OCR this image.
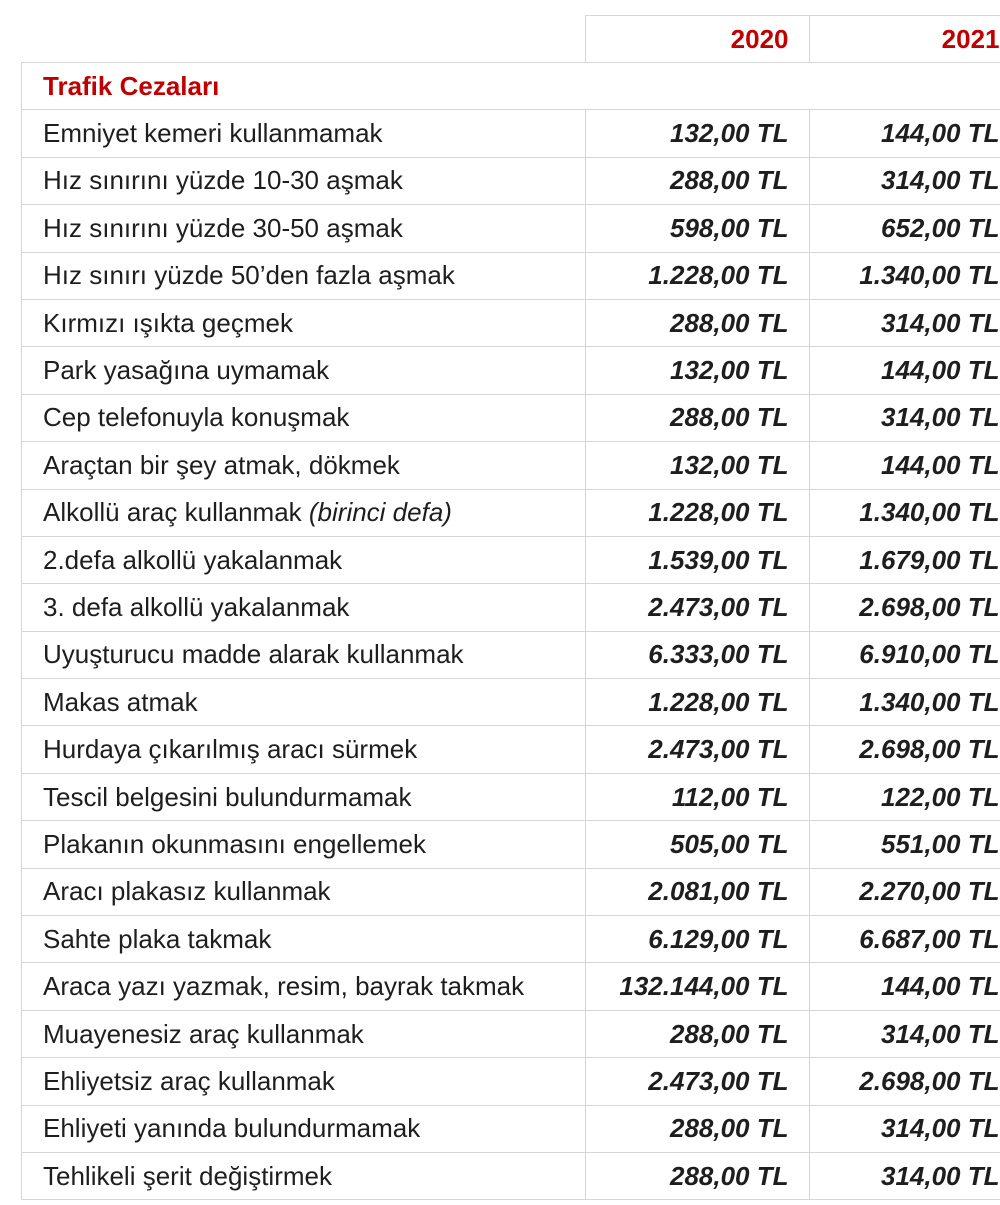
	2020	2021
Trafik Cezaları		
Emniyet kemeri kullanmamak	132,00 TL	144,00 TL
Hız sınırını yüzde 10-30 aşmak	288,00 TL	314,00 TL
Hız sınırını yüzde 30-50 aşmak	598,00 TL	652,00 TL
Hız sınırı yüzde 50’den fazla aşmak	1.228,00 TL	1.340,00 TL
Kırmızı ışıkta geçmek	288,00 TL	314,00 TL
Park yasağına uymamak	132,00 TL	144,00 TL
Cep telefonuyla konuşmak	288,00 TL	314,00 TL
Araçtan bir şey atmak, dökmek	132,00 TL	144,00 TL
Alkollü araç kullanmak (birinci defa)	1.228,00 TL	1.340,00 TL
2.defa alkollü yakalanmak	1.539,00 TL	1.679,00 TL
3. defa alkollü yakalanmak	2.473,00 TL	2.698,00 TL
Uyuşturucu madde alarak kullanmak	6.333,00 TL	6.910,00 TL
Makas atmak	1.228,00 TL	1.340,00 TL
Hurdaya çıkarılmış aracı sürmek	2.473,00 TL	2.698,00 TL
Tescil belgesini bulundurmamak	112,00 TL	122,00 TL
Plakanın okunmasını engellemek	505,00 TL	551,00 TL
Aracı plakasız kullanmak	2.081,00 TL	2.270,00 TL
Sahte plaka takmak	6.129,00 TL	6.687,00 TL
Araca yazı yazmak, resim, bayrak takmak	132.144,00 TL	144,00 TL
Muayenesiz araç kullanmak	288,00 TL	314,00 TL
Ehliyetsiz araç kullanmak	2.473,00 TL	2.698,00 TL
Ehliyeti yanında bulundurmamak	288,00 TL	314,00 TL
Tehlikeli şerit değiştirmek	288,00 TL	314,00 TL
